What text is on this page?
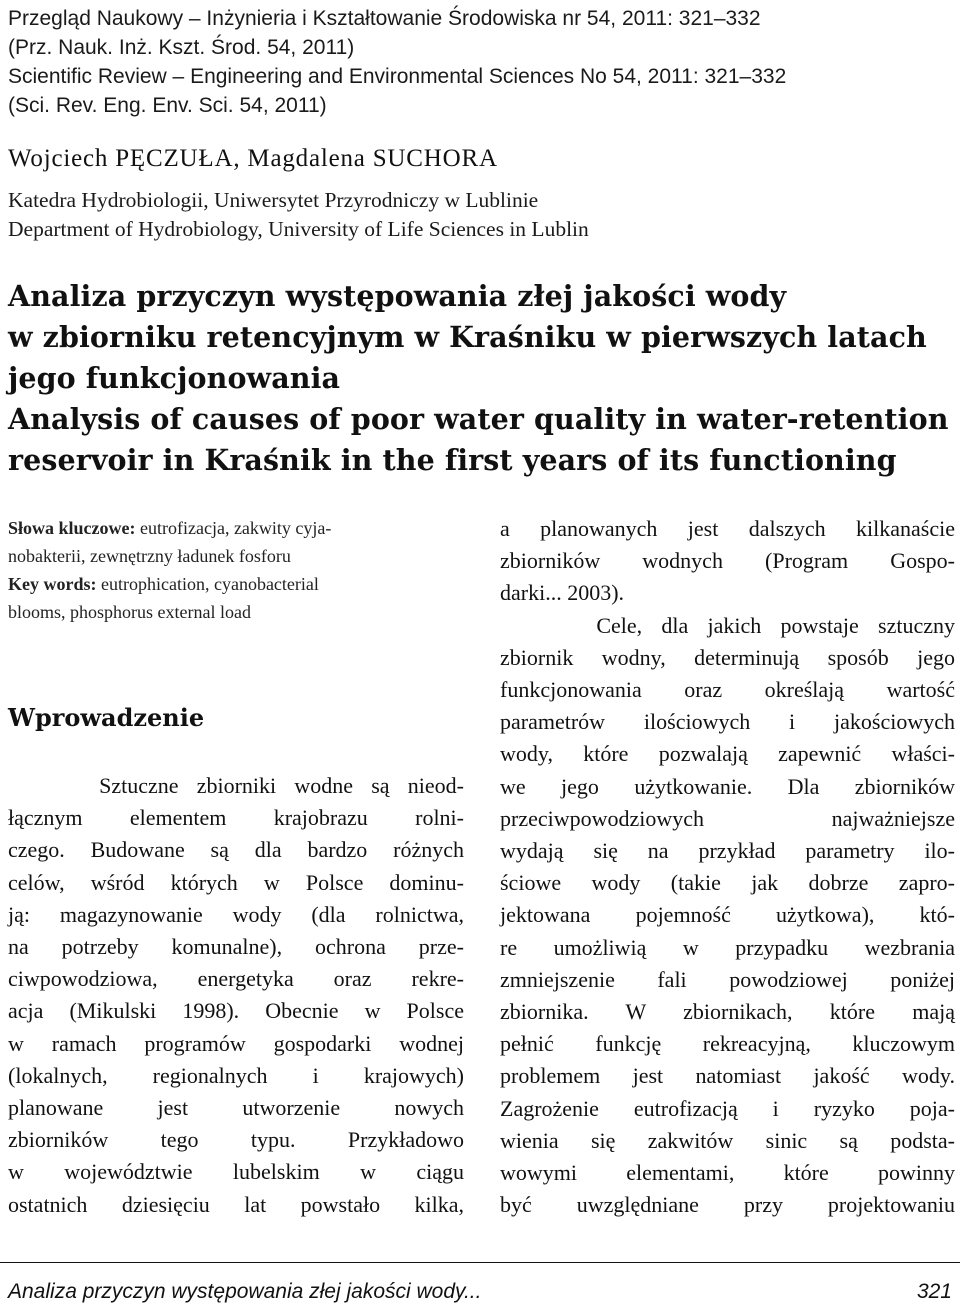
Przegląd Naukowy – Inżynieria i Kształtowanie Środowiska nr 54, 2011: 321–332
(Prz. Nauk. Inż. Kszt. Środ. 54, 2011)
Scientific Review – Engineering and Environmental Sciences No 54, 2011: 321–332
(Sci. Rev. Eng. Env. Sci. 54, 2011)
Wojciech PĘCZUŁA, Magdalena SUCHORA
Katedra Hydrobiologii, Uniwersytet Przyrodniczy w Lublinie
Department of Hydrobiology, University of Life Sciences in Lublin
Analiza przyczyn występowania złej jakości wody
w zbiorniku retencyjnym w Kraśniku w pierwszych latach
jego funkcjonowania
Analysis of causes of poor water quality in water-retention
reservoir in Kraśnik in the first years of its functioning
Słowa kluczowe: eutrofizacja, zakwity cyja-
nobakterii, zewnętrzny ładunek fosforu
Key words: eutrophication, cyanobacterial
blooms, phosphorus external load
Wprowadzenie
Sztuczne zbiorniki wodne są nieod-
łącznym elementem krajobrazu rolni-
czego. Budowane są dla bardzo różnych
celów, wśród których w Polsce dominu-
ją: magazynowanie wody (dla rolnictwa,
na potrzeby komunalne), ochrona prze-
ciwpowodziowa, energetyka oraz rekre-
acja (Mikulski 1998). Obecnie w Polsce
w ramach programów gospodarki wodnej
(lokalnych, regionalnych i krajowych)
planowane jest utworzenie nowych
zbiorników tego typu. Przykładowo
w województwie lubelskim w ciągu
ostatnich dziesięciu lat powstało kilka,
a planowanych jest dalszych kilkanaście
zbiorników wodnych (Program Gospo-
darki... 2003).
Cele, dla jakich powstaje sztuczny
zbiornik wodny, determinują sposób jego
funkcjonowania oraz określają wartość
parametrów ilościowych i jakościowych
wody, które pozwalają zapewnić właści-
we jego użytkowanie. Dla zbiorników
przeciwpowodziowych najważniejsze
wydają się na przykład parametry ilo-
ściowe wody (takie jak dobrze zapro-
jektowana pojemność użytkowa), któ-
re umożliwią w przypadku wezbrania
zmniejszenie fali powodziowej poniżej
zbiornika. W zbiornikach, które mają
pełnić funkcję rekreacyjną, kluczowym
problemem jest natomiast jakość wody.
Zagrożenie eutrofizacją i ryzyko poja-
wienia się zakwitów sinic są podsta-
wowymi elementami, które powinny
być uwzględniane przy projektowaniu
Analiza przyczyn występowania złej jakości wody...	321
